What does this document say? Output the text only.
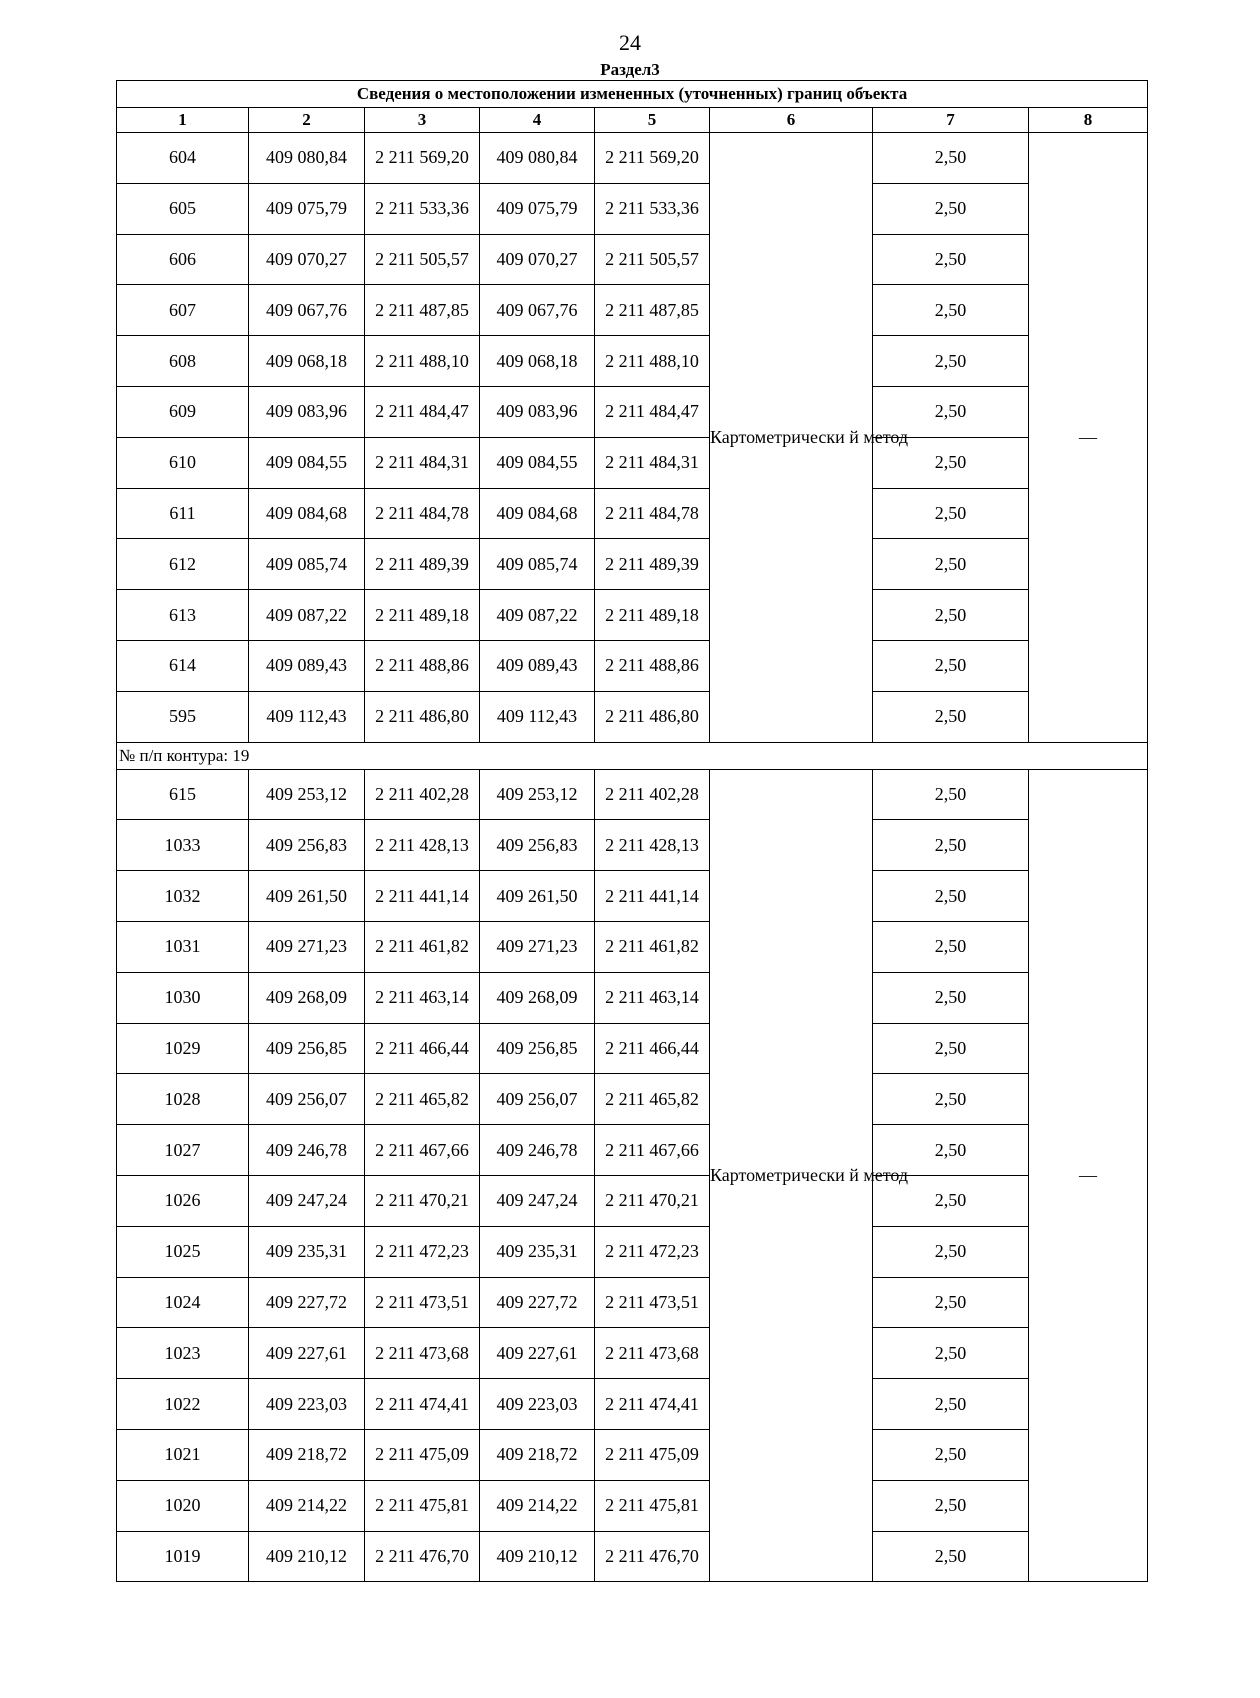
24
Раздел3
Сведения о местоположении измененных (уточненных) границ объекта							
1	2	3	4	5	6	7	8
604	409 080,84	2 211 569,20	409 080,84	2 211 569,20	Картометрически й метод	2,50	—
605	409 075,79	2 211 533,36	409 075,79	2 211 533,36		2,50	
606	409 070,27	2 211 505,57	409 070,27	2 211 505,57		2,50	
607	409 067,76	2 211 487,85	409 067,76	2 211 487,85		2,50	
608	409 068,18	2 211 488,10	409 068,18	2 211 488,10		2,50	
609	409 083,96	2 211 484,47	409 083,96	2 211 484,47		2,50	
610	409 084,55	2 211 484,31	409 084,55	2 211 484,31		2,50	
611	409 084,68	2 211 484,78	409 084,68	2 211 484,78		2,50	
612	409 085,74	2 211 489,39	409 085,74	2 211 489,39		2,50	
613	409 087,22	2 211 489,18	409 087,22	2 211 489,18		2,50	
614	409 089,43	2 211 488,86	409 089,43	2 211 488,86		2,50	
595	409 112,43	2 211 486,80	409 112,43	2 211 486,80		2,50	
№ п/п контура: 19							
615	409 253,12	2 211 402,28	409 253,12	2 211 402,28	Картометрически й метод	2,50	—
1033	409 256,83	2 211 428,13	409 256,83	2 211 428,13		2,50	
1032	409 261,50	2 211 441,14	409 261,50	2 211 441,14		2,50	
1031	409 271,23	2 211 461,82	409 271,23	2 211 461,82		2,50	
1030	409 268,09	2 211 463,14	409 268,09	2 211 463,14		2,50	
1029	409 256,85	2 211 466,44	409 256,85	2 211 466,44		2,50	
1028	409 256,07	2 211 465,82	409 256,07	2 211 465,82		2,50	
1027	409 246,78	2 211 467,66	409 246,78	2 211 467,66		2,50	
1026	409 247,24	2 211 470,21	409 247,24	2 211 470,21		2,50	
1025	409 235,31	2 211 472,23	409 235,31	2 211 472,23		2,50	
1024	409 227,72	2 211 473,51	409 227,72	2 211 473,51		2,50	
1023	409 227,61	2 211 473,68	409 227,61	2 211 473,68		2,50	
1022	409 223,03	2 211 474,41	409 223,03	2 211 474,41		2,50	
1021	409 218,72	2 211 475,09	409 218,72	2 211 475,09		2,50	
1020	409 214,22	2 211 475,81	409 214,22	2 211 475,81		2,50	
1019	409 210,12	2 211 476,70	409 210,12	2 211 476,70		2,50	
